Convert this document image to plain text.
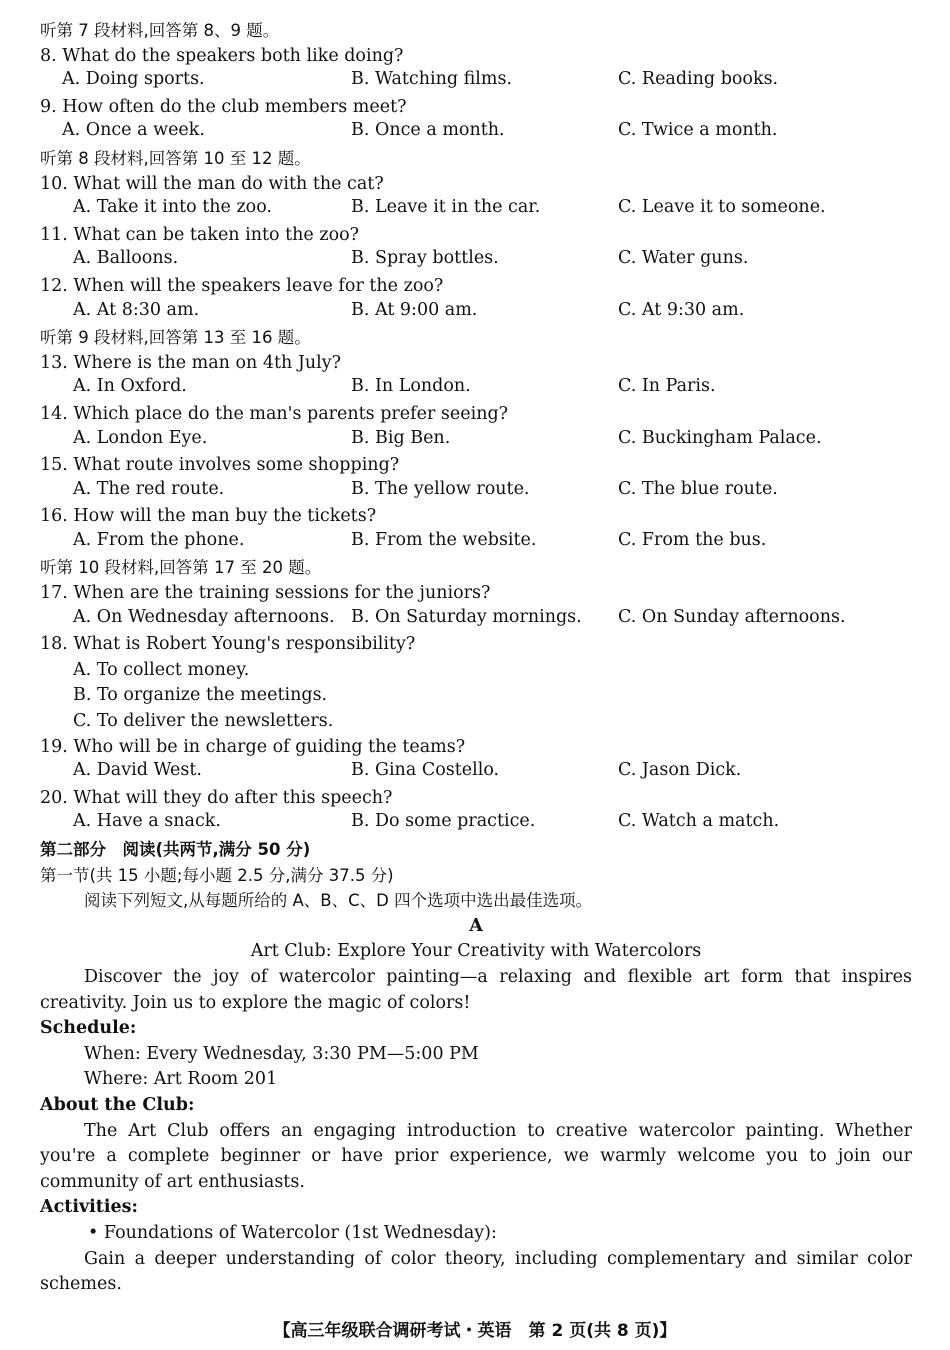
听第 7 段材料,回答第 8、9 题。
8. What do the speakers both like doing?
A. Doing sports.	B. Watching films.	C. Reading books.
9. How often do the club members meet?
A. Once a week.	B. Once a month.	C. Twice a month.
听第 8 段材料,回答第 10 至 12 题。
10. What will the man do with the cat?
A. Take it into the zoo.	B. Leave it in the car.	C. Leave it to someone.
11. What can be taken into the zoo?
A. Balloons.	B. Spray bottles.	C. Water guns.
12. When will the speakers leave for the zoo?
A. At 8:30 am.	B. At 9:00 am.	C. At 9:30 am.
听第 9 段材料,回答第 13 至 16 题。
13. Where is the man on 4th July?
A. In Oxford.	B. In London.	C. In Paris.
14. Which place do the man's parents prefer seeing?
A. London Eye.	B. Big Ben.	C. Buckingham Palace.
15. What route involves some shopping?
A. The red route.	B. The yellow route.	C. The blue route.
16. How will the man buy the tickets?
A. From the phone.	B. From the website.	C. From the bus.
听第 10 段材料,回答第 17 至 20 题。
17. When are the training sessions for the juniors?
A. On Wednesday afternoons. B. On Saturday mornings. C. On Sunday afternoons.
18. What is Robert Young's responsibility?
A. To collect money.
B. To organize the meetings.
C. To deliver the newsletters.
19. Who will be in charge of guiding the teams?
A. David West.	B. Gina Costello.	C. Jason Dick.
20. What will they do after this speech?
A. Have a snack.	B. Do some practice.	C. Watch a match.
第二部分　阅读(共两节,满分 50 分)
第一节(共 15 小题;每小题 2.5 分,满分 37.5 分)
阅读下列短文,从每题所给的 A、B、C、D 四个选项中选出最佳选项。
A
Art Club: Explore Your Creativity with Watercolors
Discover the joy of watercolor painting—a relaxing and flexible art form that inspires creativity. Join us to explore the magic of colors!
Schedule:
When: Every Wednesday, 3:30 PM—5:00 PM
Where: Art Room 201
About the Club:
The Art Club offers an engaging introduction to creative watercolor painting. Whether you're a complete beginner or have prior experience, we warmly welcome you to join our community of art enthusiasts.
Activities:
• Foundations of Watercolor (1st Wednesday):
Gain a deeper understanding of color theory, including complementary and similar color schemes.
【高三年级联合调研考试・英语　第 2 页(共 8 页)】
